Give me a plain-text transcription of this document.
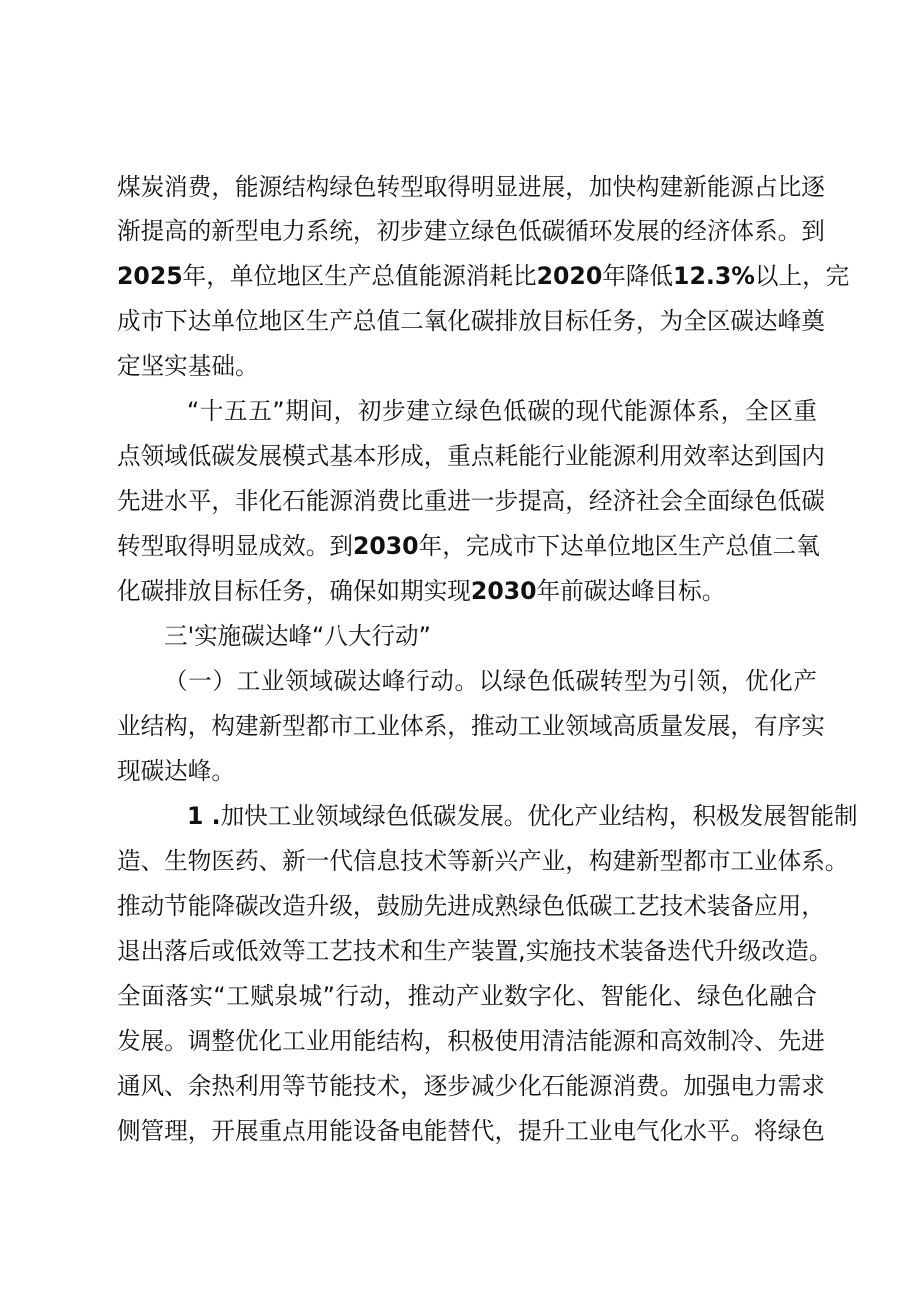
煤炭消费，能源结构绿色转型取得明显进展，加快构建新能源占比逐
渐提高的新型电力系统，初步建立绿色低碳循环发展的经济体系。到
2025年，单位地区生产总值能源消耗比2020年降低12.3%以上，完
成市下达单位地区生产总值二氧化碳排放目标任务，为全区碳达峰奠
定坚实基础。
“十五五”期间，初步建立绿色低碳的现代能源体系，全区重
点领域低碳发展模式基本形成，重点耗能行业能源利用效率达到国内
先进水平，非化石能源消费比重进一步提高，经济社会全面绿色低碳
转型取得明显成效。到2030年，完成市下达单位地区生产总值二氧
化碳排放目标任务，确保如期实现2030年前碳达峰目标。
三'实施碳达峰“八大行动”
（一）工业领域碳达峰行动。以绿色低碳转型为引领，优化产
业结构，构建新型都市工业体系，推动工业领域高质量发展，有序实
现碳达峰。
1 .加快工业领域绿色低碳发展。优化产业结构，积极发展智能制
造、生物医药、新一代信息技术等新兴产业，构建新型都市工业体系。
推动节能降碳改造升级，鼓励先进成熟绿色低碳工艺技术装备应用，
退出落后或低效等工艺技术和生产装置,实施技术装备迭代升级改造。
全面落实“工赋泉城”行动，推动产业数字化、智能化、绿色化融合
发展。调整优化工业用能结构，积极使用清洁能源和高效制冷、先进
通风、余热利用等节能技术，逐步减少化石能源消费。加强电力需求
侧管理，开展重点用能设备电能替代，提升工业电气化水平。将绿色
